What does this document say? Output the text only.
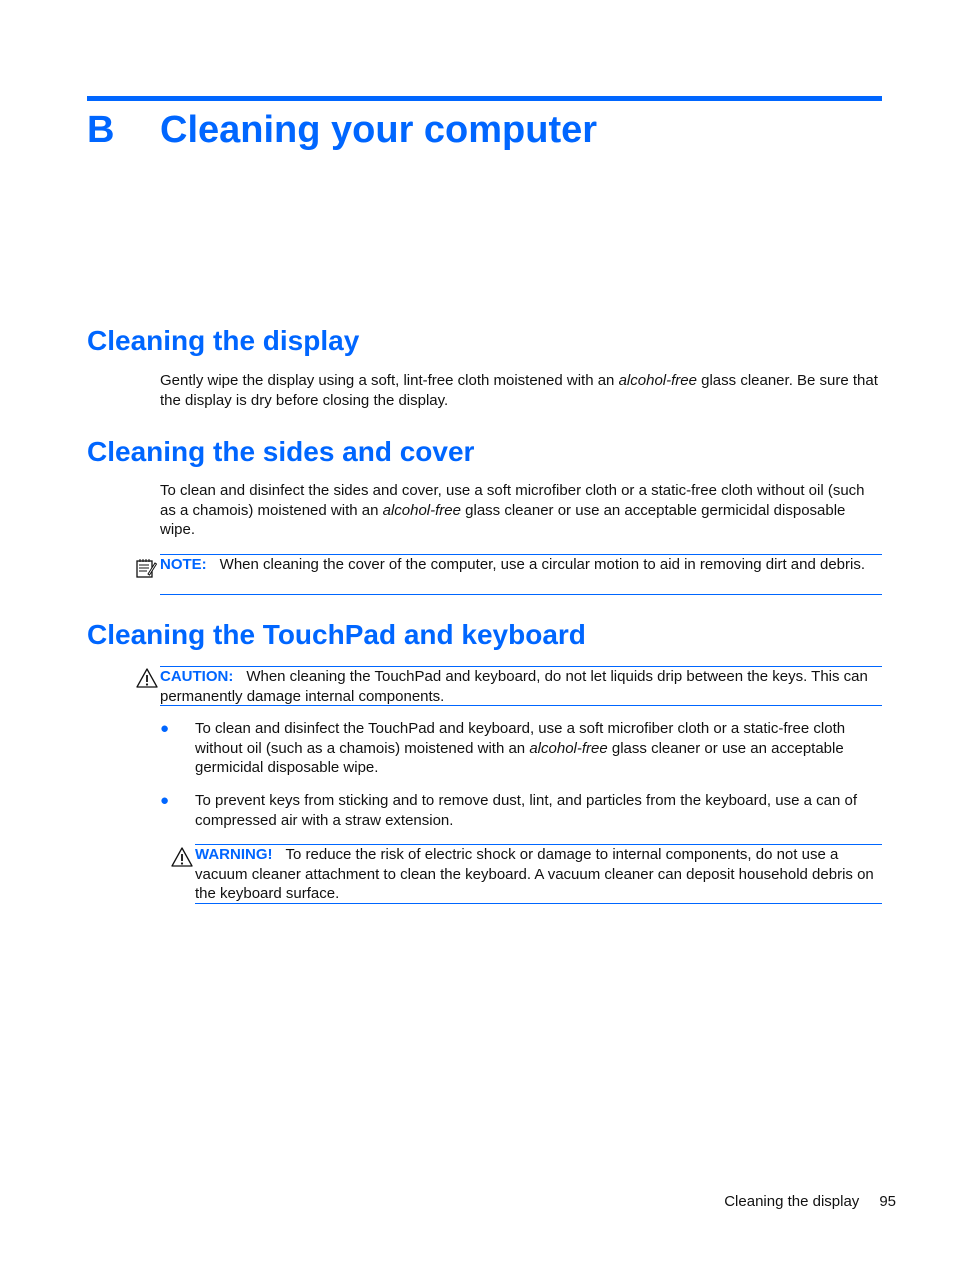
B Cleaning your computer
Cleaning the display

Gently wipe the display using a soft, lint-free cloth moistened with an alcohol-free glass cleaner. Be sure that the display is dry before closing the display.

Cleaning the sides and cover

To clean and disinfect the sides and cover, use a soft microfiber cloth or a static-free cloth without oil (such as a chamois) moistened with an alcohol-free glass cleaner or use an acceptable germicidal disposable wipe.

NOTE: When cleaning the cover of the computer, use a circular motion to aid in removing dirt and debris.
Cleaning the TouchPad and keyboard
CAUTION: When cleaning the TouchPad and keyboard, do not let liquids drip between the keys. This can permanently damage internal components.
● To clean and disinfect the TouchPad and keyboard, use a soft microfiber cloth or a static-free cloth without oil (such as a chamois) moistened with an alcohol-free glass cleaner or use an acceptable germicidal disposable wipe.
● To prevent keys from sticking and to remove dust, lint, and particles from the keyboard, use a can of compressed air with a straw extension.
WARNING! To reduce the risk of electric shock or damage to internal components, do not use a vacuum cleaner attachment to clean the keyboard. A vacuum cleaner can deposit household debris on the keyboard surface.
Cleaning the display 95
